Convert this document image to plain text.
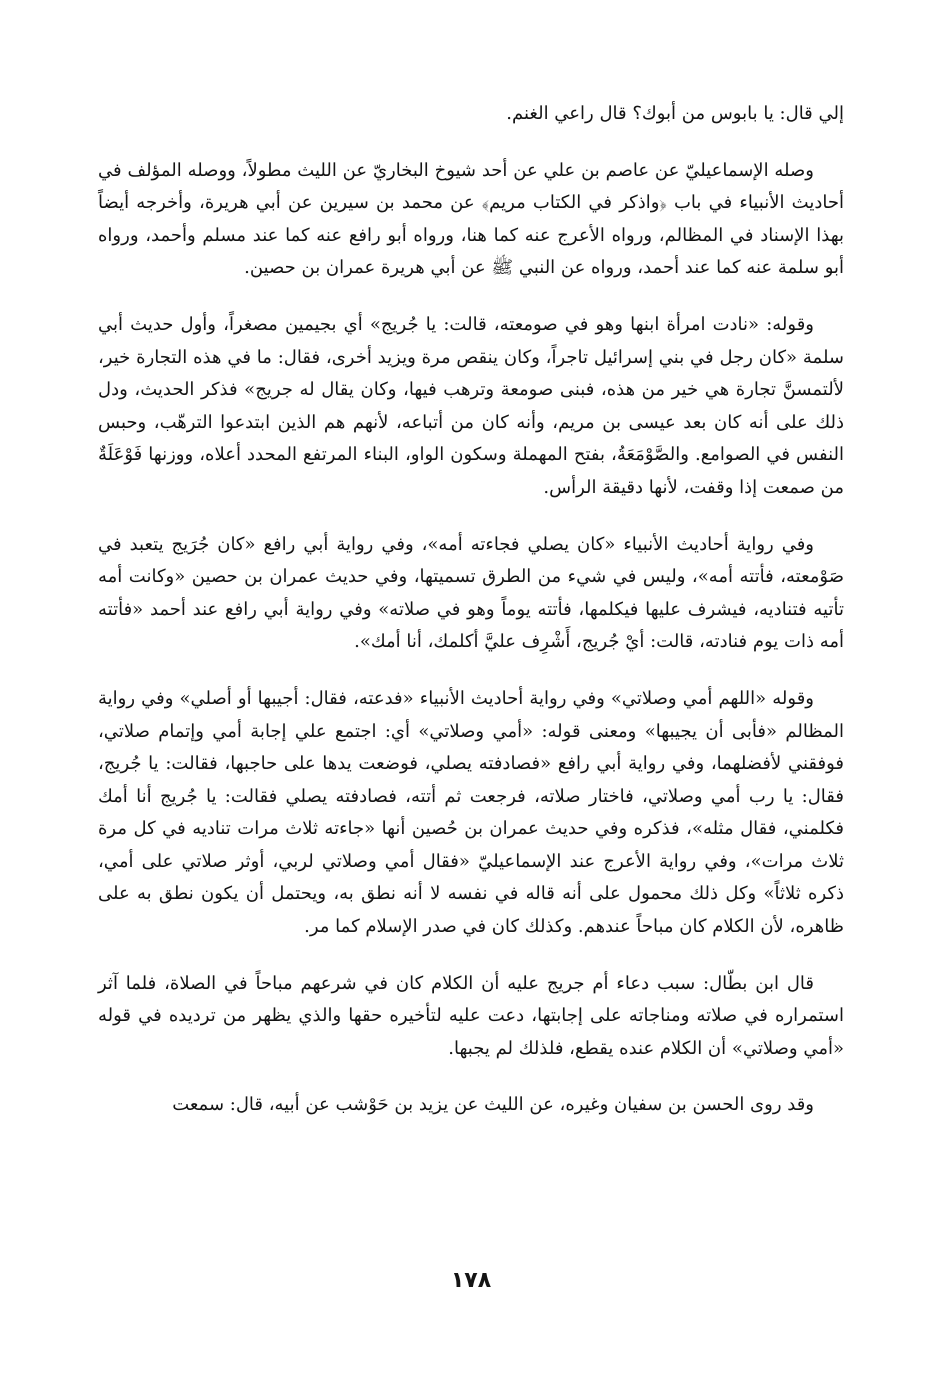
إلي قال: يا بابوس من أبوك؟ قال راعي الغنم.

وصله الإسماعيليّ عن عاصم بن علي عن أحد شيوخ البخاريّ عن الليث مطولاً، ووصله المؤلف في أحاديث الأنبياء في باب ﴿واذكر في الكتاب مريم﴾ عن محمد بن سيرين عن أبي هريرة، وأخرجه أيضاً بهذا الإسناد في المظالم، ورواه الأعرج عنه كما هنا، ورواه أبو رافع عنه كما عند مسلم وأحمد، ورواه أبو سلمة عنه كما عند أحمد، ورواه عن النبي ﷺ عن أبي هريرة عمران بن حصين.

وقوله: «نادت امرأة ابنها وهو في صومعته، قالت: يا جُريج» أي بجيمين مصغراً، وأول حديث أبي سلمة «كان رجل في بني إسرائيل تاجراً، وكان ينقص مرة ويزيد أخرى، فقال: ما في هذه التجارة خير، لألتمسنَّ تجارة هي خير من هذه، فبنى صومعة وترهب فيها، وكان يقال له جريج» فذكر الحديث، ودل ذلك على أنه كان بعد عيسى بن مريم، وأنه كان من أتباعه، لأنهم هم الذين ابتدعوا الترهّب، وحبس النفس في الصوامع. والصَّوْمَعَةُ، بفتح المهملة وسكون الواو، البناء المرتفع المحدد أعلاه، ووزنها فَوْعَلَةٌ من صمعت إذا وقفت، لأنها دقيقة الرأس.

وفي رواية أحاديث الأنبياء «كان يصلي فجاءته أمه»، وفي رواية أبي رافع «كان جُرَيج يتعبد في صَوْمعته، فأتته أمه»، وليس في شيء من الطرق تسميتها، وفي حديث عمران بن حصين «وكانت أمه تأتيه فتناديه، فيشرف عليها فيكلمها، فأتته يوماً وهو في صلاته» وفي رواية أبي رافع عند أحمد «فأتته أمه ذات يوم فنادته، قالت: أيْ جُريج، أَشْرِف عليَّ أكلمك، أنا أمك».

وقوله «اللهم أمي وصلاتي» وفي رواية أحاديث الأنبياء «فدعته، فقال: أجيبها أو أصلي» وفي رواية المظالم «فأبى أن يجيبها» ومعنى قوله: «أمي وصلاتي» أي: اجتمع علي إجابة أمي وإتمام صلاتي، فوفقني لأفضلهما، وفي رواية أبي رافع «فصادفته يصلي، فوضعت يدها على حاجبها، فقالت: يا جُريج، فقال: يا رب أمي وصلاتي، فاختار صلاته، فرجعت ثم أتته، فصادفته يصلي فقالت: يا جُريج أنا أمك فكلمني، فقال مثله»، فذكره وفي حديث عمران بن حُصين أنها «جاءته ثلاث مرات تناديه في كل مرة ثلاث مرات»، وفي رواية الأعرج عند الإسماعيليّ «فقال أمي وصلاتي لربي، أوثر صلاتي على أمي، ذكره ثلاثاً» وكل ذلك محمول على أنه قاله في نفسه لا أنه نطق به، ويحتمل أن يكون نطق به على ظاهره، لأن الكلام كان مباحاً عندهم. وكذلك كان في صدر الإسلام كما مر.

قال ابن بطّال: سبب دعاء أم جريج عليه أن الكلام كان في شرعهم مباحاً في الصلاة، فلما آثر استمراره في صلاته ومناجاته على إجابتها، دعت عليه لتأخيره حقها والذي يظهر من ترديده في قوله «أمي وصلاتي» أن الكلام عنده يقطع، فلذلك لم يجبها.

وقد روى الحسن بن سفيان وغيره، عن الليث عن يزيد بن حَوْشب عن أبيه، قال: سمعت

١٧٨
